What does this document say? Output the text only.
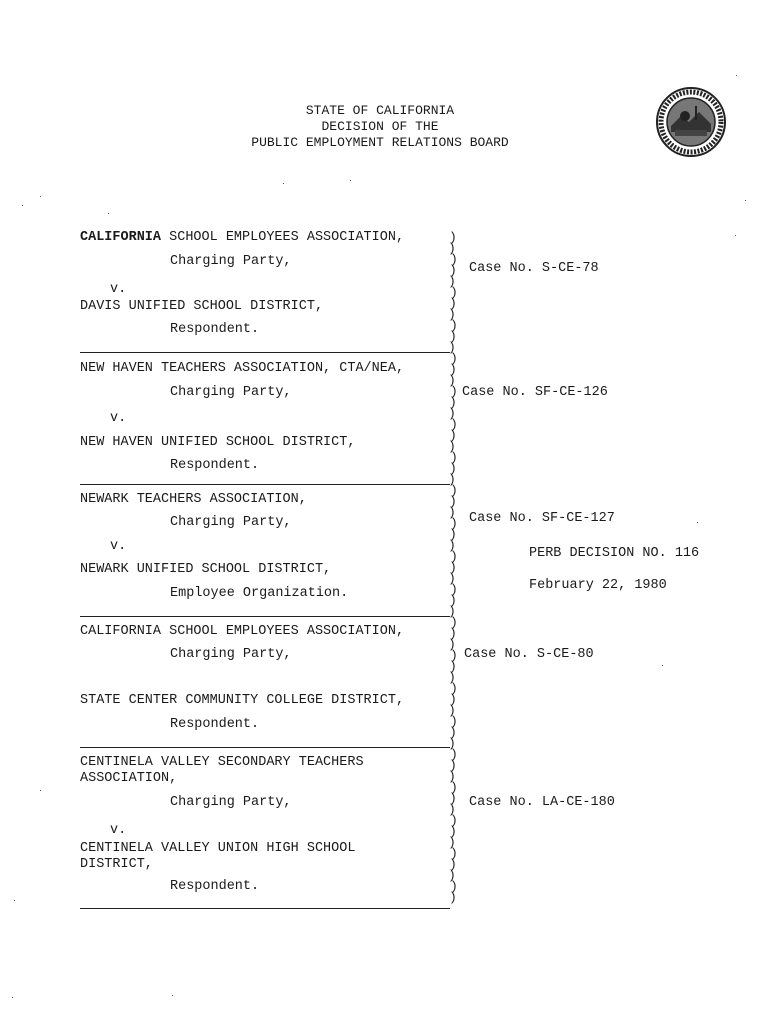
STATE OF CALIFORNIA
DECISION OF THE
PUBLIC EMPLOYMENT RELATIONS BOARD
CALIFORNIA SCHOOL EMPLOYEES ASSOCIATION,
Charging Party,
v.
DAVIS UNIFIED SCHOOL DISTRICT,
Respondent.
Case No. S-CE-78
NEW HAVEN TEACHERS ASSOCIATION, CTA/NEA,
Charging Party,
v.
NEW HAVEN UNIFIED SCHOOL DISTRICT,
Respondent.
Case No. SF-CE-126
NEWARK TEACHERS ASSOCIATION,
Charging Party,
v.
NEWARK UNIFIED SCHOOL DISTRICT,
Employee Organization.
Case No. SF-CE-127
PERB DECISION NO. 116
February 22, 1980
CALIFORNIA SCHOOL EMPLOYEES ASSOCIATION,
Charging Party,
STATE CENTER COMMUNITY COLLEGE DISTRICT,
Respondent.
Case No. S-CE-80
CENTINELA VALLEY SECONDARY TEACHERS
ASSOCIATION,
Charging Party,
v.
CENTINELA VALLEY UNION HIGH SCHOOL
DISTRICT,
Respondent.
Case No. LA-CE-180
)
)
)
)
)
)
)
)
)
)
)
)
)
)
)
)
)
)
)
)
)
)
)
)
)
)
)
)
)
)
)
)
)
)
)
)
)
)
)
)
)
)
)
)
)
)
)
)
)
)
)
)
)
)
)
)
)
)
)
)
)
